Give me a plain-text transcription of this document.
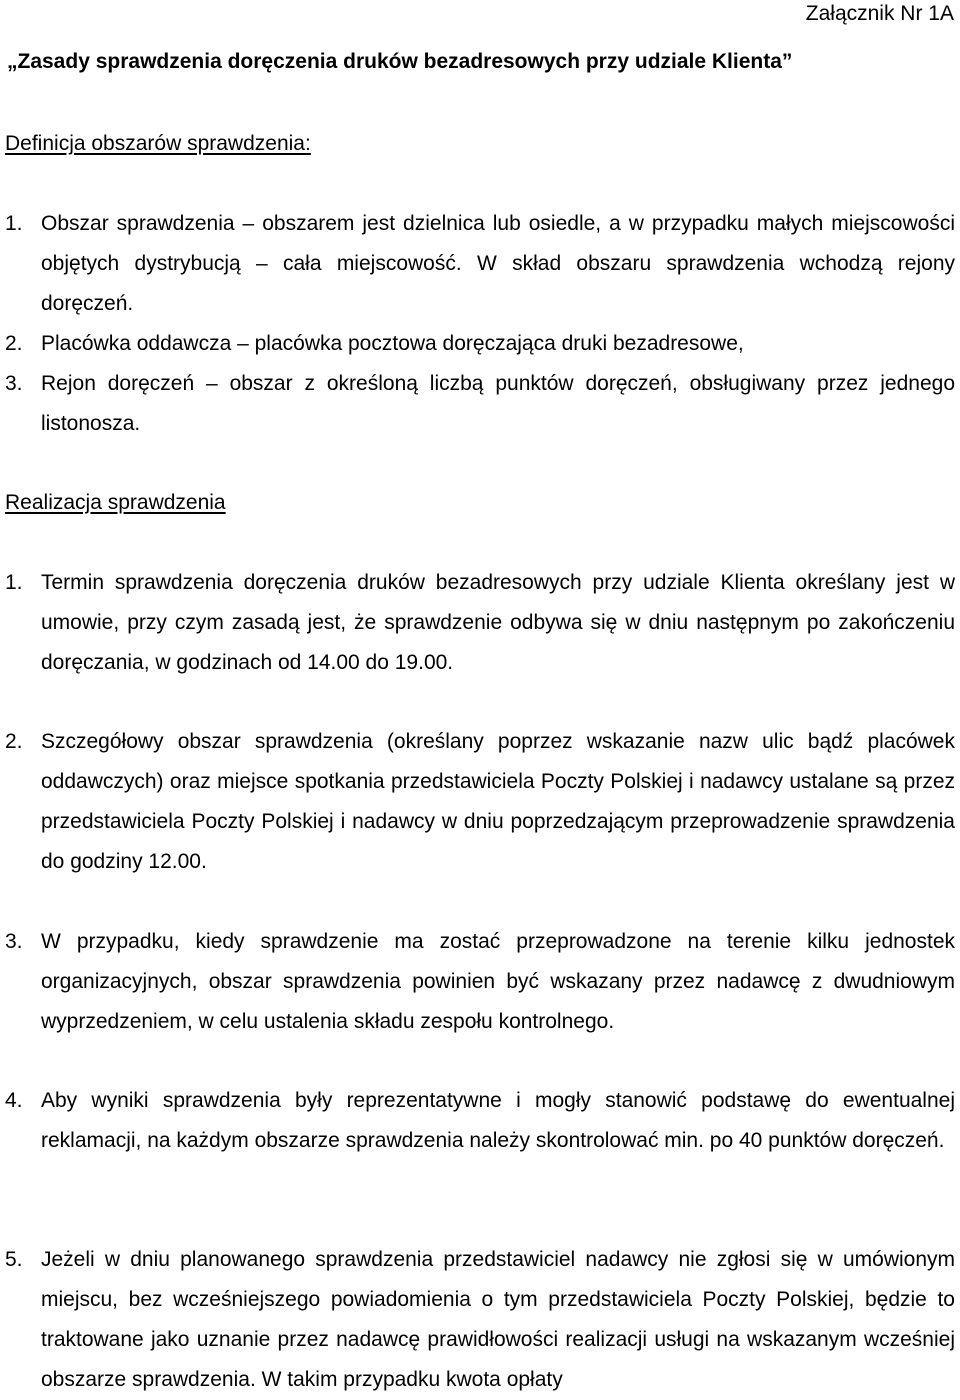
Załącznik Nr 1A
„Zasady sprawdzenia doręczenia druków bezadresowych przy udziale Klienta”
Definicja obszarów sprawdzenia:
1. Obszar sprawdzenia – obszarem jest dzielnica lub osiedle, a w przypadku małych miejscowości objętych dystrybucją – cała miejscowość. W skład obszaru sprawdzenia wchodzą rejony doręczeń.
2. Placówka oddawcza – placówka pocztowa doręczająca druki bezadresowe,
3. Rejon doręczeń – obszar z określoną liczbą punktów doręczeń, obsługiwany przez jednego listonosza.
Realizacja sprawdzenia
1. Termin sprawdzenia doręczenia druków bezadresowych przy udziale Klienta określany jest w umowie, przy czym zasadą jest, że sprawdzenie odbywa się w dniu następnym po zakończeniu doręczania, w godzinach od 14.00 do 19.00.
2. Szczegółowy obszar sprawdzenia (określany poprzez wskazanie nazw ulic bądź placówek oddawczych) oraz miejsce spotkania przedstawiciela Poczty Polskiej i nadawcy ustalane są przez przedstawiciela Poczty Polskiej i nadawcy w dniu poprzedzającym przeprowadzenie sprawdzenia do godziny 12.00.
3. W przypadku, kiedy sprawdzenie ma zostać przeprowadzone na terenie kilku jednostek organizacyjnych, obszar sprawdzenia powinien być wskazany przez nadawcę z dwudniowym wyprzedzeniem, w celu ustalenia składu zespołu kontrolnego.
4. Aby wyniki sprawdzenia były reprezentatywne i mogły stanowić podstawę do ewentualnej reklamacji, na każdym obszarze sprawdzenia należy skontrolować min. po 40 punktów doręczeń.
5. Jeżeli w dniu planowanego sprawdzenia przedstawiciel nadawcy nie zgłosi się w umówionym miejscu, bez wcześniejszego powiadomienia o tym przedstawiciela Poczty Polskiej, będzie to traktowane jako uznanie przez nadawcę prawidłowości realizacji usługi na wskazanym wcześniej obszarze sprawdzenia. W takim przypadku kwota opłaty
